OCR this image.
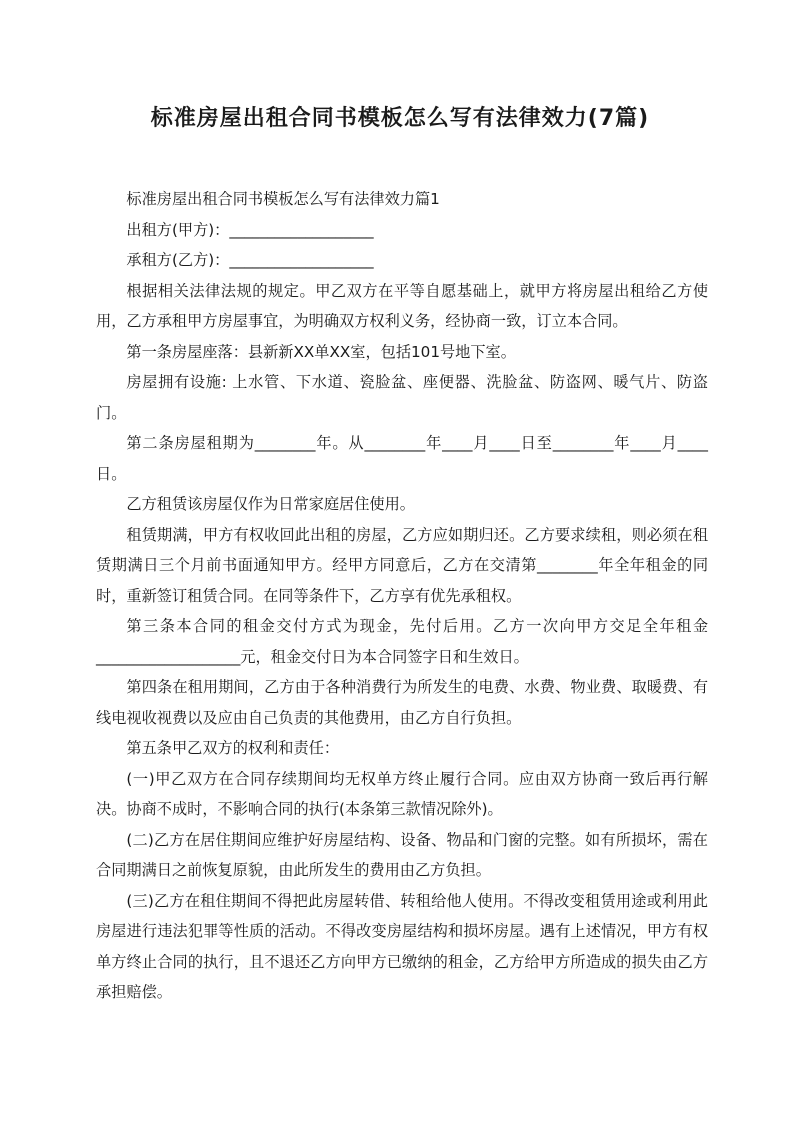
标准房屋出租合同书模板怎么写有法律效力(7篇)

标准房屋出租合同书模板怎么写有法律效力篇1

出租方(甲方)：___________________

承租方(乙方)：___________________

根据相关法律法规的规定。甲乙双方在平等自愿基础上，就甲方将房屋出租给乙方使用，乙方承租甲方房屋事宜，为明确双方权利义务，经协商一致，订立本合同。

第一条房屋座落：县新新XX单XX室，包括101号地下室。

房屋拥有设施: 上水管、下水道、瓷脸盆、座便器、洗脸盆、防盗网、暖气片、防盗门。

第二条房屋租期为________年。从________年____月____日至________年____月____日。

乙方租赁该房屋仅作为日常家庭居住使用。

租赁期满，甲方有权收回此出租的房屋，乙方应如期归还。乙方要求续租，则必须在租赁期满日三个月前书面通知甲方。经甲方同意后，乙方在交清第________年全年租金的同时，重新签订租赁合同。在同等条件下，乙方享有优先承租权。

第三条本合同的租金交付方式为现金，先付后用。乙方一次向甲方交足全年租金___________________元，租金交付日为本合同签字日和生效日。

第四条在租用期间，乙方由于各种消费行为所发生的电费、水费、物业费、取暖费、有线电视收视费以及应由自己负责的其他费用，由乙方自行负担。

第五条甲乙双方的权利和责任：

(一)甲乙双方在合同存续期间均无权单方终止履行合同。应由双方协商一致后再行解决。协商不成时，不影响合同的执行(本条第三款情况除外)。

(二)乙方在居住期间应维护好房屋结构、设备、物品和门窗的完整。如有所损坏，需在合同期满日之前恢复原貌，由此所发生的费用由乙方负担。

(三)乙方在租住期间不得把此房屋转借、转租给他人使用。不得改变租赁用途或利用此房屋进行违法犯罪等性质的活动。不得改变房屋结构和损坏房屋。遇有上述情况，甲方有权单方终止合同的执行，且不退还乙方向甲方已缴纳的租金，乙方给甲方所造成的损失由乙方承担赔偿。
